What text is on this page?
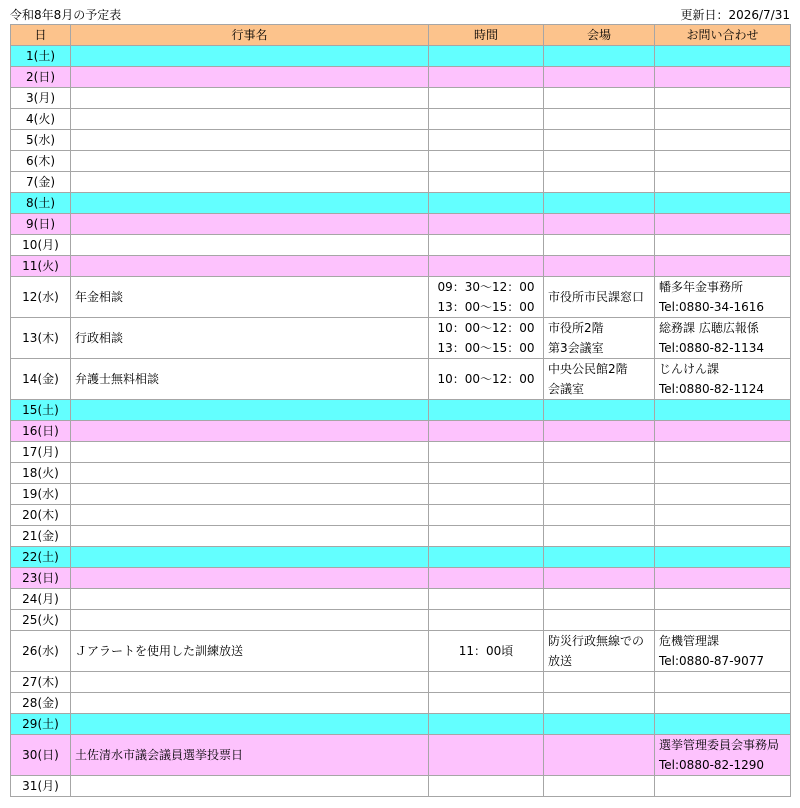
令和8年8月の予定表	更新日：2026/7/31
日	行事名	時間	会場	お問い合わせ
1(土)		

2(日)		

3(月)		

4(火)		

5(水)		

6(木)		

7(金)		

8(土)		

9(日)		

10(月)		

11(火)		

12(水)	年金相談	09：30〜12：00
13：00〜15：00	市役所市民課窓口	幡多年金事務所
Tel:0880-34-1616

13(木)	行政相談	10：00〜12：00
13：00〜15：00	市役所2階
第3会議室	総務課 広聴広報係
Tel:0880-82-1134

14(金)	弁護士無料相談	10：00〜12：00	中央公民館2階
会議室	じんけん課
Tel:0880-82-1124

15(土)		

16(日)		

17(月)		

18(火)		

19(水)		

20(木)		

21(金)		

22(土)		

23(日)		

24(月)		

25(火)		

26(水)	Ｊアラートを使用した訓練放送	11：00頃	防災行政無線での
放送	危機管理課
Tel:0880-87-9077

27(木)		

28(金)		

29(土)		

30(日)	土佐清水市議会議員選挙投票日			選挙管理委員会事務局
Tel:0880-82-1290

31(月)		
